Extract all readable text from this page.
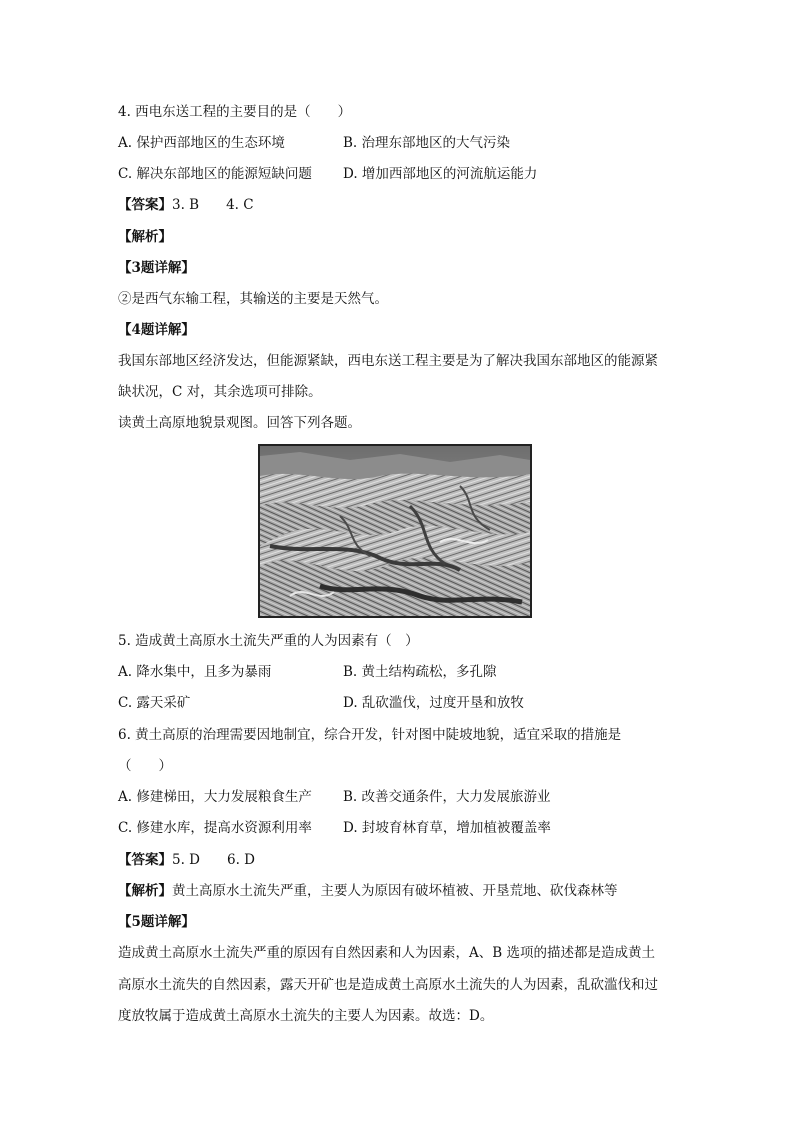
4. 西电东送工程的主要目的是（　　）
A. 保护西部地区的生态环境	B. 治理东部地区的大气污染
C. 解决东部地区的能源短缺问题 D. 增加西部地区的河流航运能力
【答案】3. B　　4. C
【解析】
【3题详解】
②是西气东输工程，其输送的主要是天然气。
【4题详解】
我国东部地区经济发达，但能源紧缺，西电东送工程主要是为了解决我国东部地区的能源紧
缺状况，C 对，其余选项可排除。
读黄土高原地貌景观图。回答下列各题。
5. 造成黄土高原水土流失严重的人为因素有（　）
A. 降水集中，且多为暴雨	B. 黄土结构疏松，多孔隙
C. 露天采矿	D. 乱砍滥伐，过度开垦和放牧
6. 黄土高原的治理需要因地制宜，综合开发，针对图中陡坡地貌，适宜采取的措施是
（　　）
A. 修建梯田，大力发展粮食生产 B. 改善交通条件，大力发展旅游业
C. 修建水库，提高水资源利用率 D. 封坡育林育草，增加植被覆盖率
【答案】5. D　　6. D
【解析】黄土高原水土流失严重，主要人为原因有破坏植被、开垦荒地、砍伐森林等
【5题详解】
造成黄土高原水土流失严重的原因有自然因素和人为因素，A、B 选项的描述都是造成黄土
高原水土流失的自然因素，露天开矿也是造成黄土高原水土流失的人为因素，乱砍滥伐和过
度放牧属于造成黄土高原水土流失的主要人为因素。故选：D。
